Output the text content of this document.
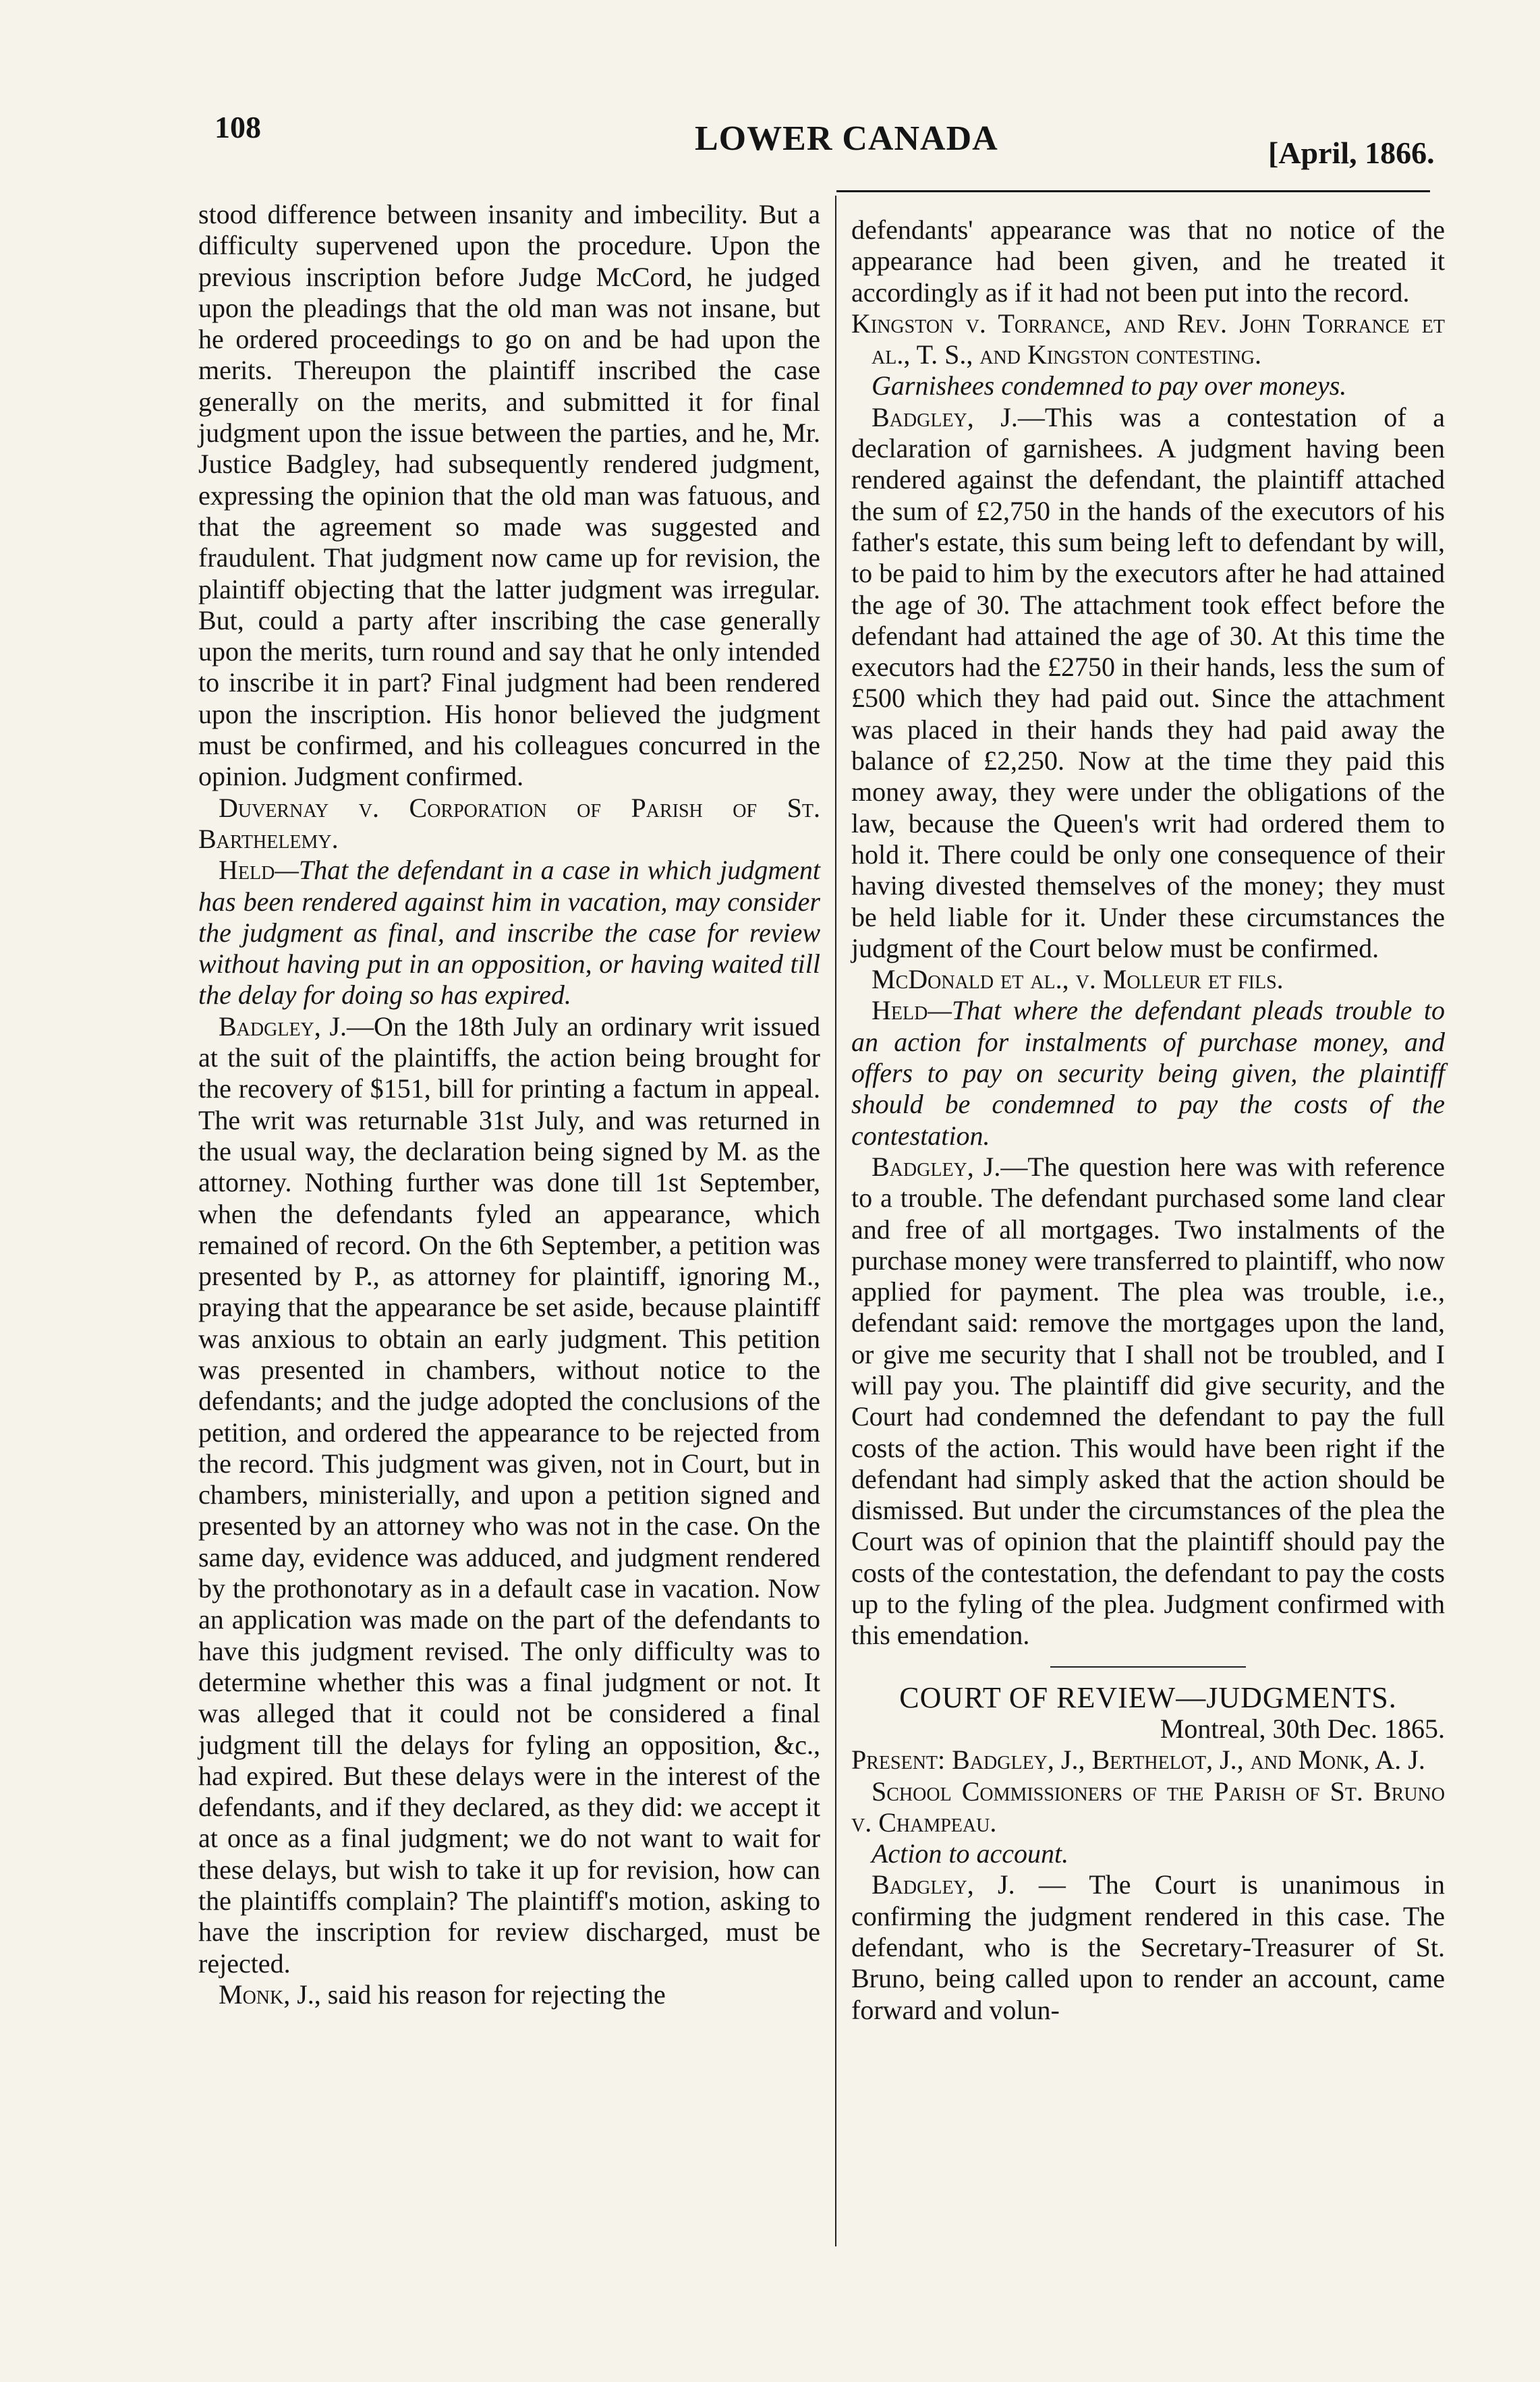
108	LOWER CANADA	[April, 1866.

stood difference between insanity and imbecility. But a difficulty supervened upon the procedure. Upon the previous inscription before Judge McCord, he judged upon the pleadings that the old man was not insane, but he ordered proceedings to go on and be had upon the merits. Thereupon the plaintiff inscribed the case generally on the merits, and submitted it for final judgment upon the issue between the parties, and he, Mr. Justice Badgley, had subsequently rendered judgment, expressing the opinion that the old man was fatuous, and that the agreement so made was suggested and fraudulent. That judgment now came up for revision, the plaintiff objecting that the latter judgment was irregular. But, could a party after inscribing the case generally upon the merits, turn round and say that he only intended to inscribe it in part? Final judgment had been rendered upon the inscription. His honor believed the judgment must be confirmed, and his colleagues concurred in the opinion. Judgment confirmed.

Duvernay v. Corporation of Parish of St. Barthelemy.

Held—That the defendant in a case in which judgment has been rendered against him in vacation, may consider the judgment as final, and inscribe the case for review without having put in an opposition, or having waited till the delay for doing so has expired.

Badgley, J.—On the 18th July an ordinary writ issued at the suit of the plaintiffs, the action being brought for the recovery of $151, bill for printing a factum in appeal. The writ was returnable 31st July, and was returned in the usual way, the declaration being signed by M. as the attorney. Nothing further was done till 1st September, when the defendants fyled an appearance, which remained of record. On the 6th September, a petition was presented by P., as attorney for plaintiff, ignoring M., praying that the appearance be set aside, because plaintiff was anxious to obtain an early judgment. This petition was presented in chambers, without notice to the defendants; and the judge adopted the conclusions of the petition, and ordered the appearance to be rejected from the record. This judgment was given, not in Court, but in chambers, ministerially, and upon a petition signed and presented by an attorney who was not in the case. On the same day, evidence was adduced, and judgment rendered by the prothonotary as in a default case in vacation. Now an application was made on the part of the defendants to have this judgment revised. The only difficulty was to determine whether this was a final judgment or not. It was alleged that it could not be considered a final judgment till the delays for fyling an opposition, &c., had expired. But these delays were in the interest of the defendants, and if they declared, as they did: we accept it at once as a final judgment; we do not want to wait for these delays, but wish to take it up for revision, how can the plaintiffs complain? The plaintiff's motion, asking to have the inscription for review discharged, must be rejected.

Monk, J., said his reason for rejecting the

defendants' appearance was that no notice of the appearance had been given, and he treated it accordingly as if it had not been put into the record.

Kingston v. Torrance, and Rev. John Torrance et al., T. S., and Kingston contesting.

Garnishees condemned to pay over moneys.

Badgley, J.—This was a contestation of a declaration of garnishees. A judgment having been rendered against the defendant, the plaintiff attached the sum of £2,750 in the hands of the executors of his father's estate, this sum being left to defendant by will, to be paid to him by the executors after he had attained the age of 30. The attachment took effect before the defendant had attained the age of 30. At this time the executors had the £2750 in their hands, less the sum of £500 which they had paid out. Since the attachment was placed in their hands they had paid away the balance of £2,250. Now at the time they paid this money away, they were under the obligations of the law, because the Queen's writ had ordered them to hold it. There could be only one consequence of their having divested themselves of the money; they must be held liable for it. Under these circumstances the judgment of the Court below must be confirmed.

McDonald et al., v. Molleur et fils.

Held—That where the defendant pleads trouble to an action for instalments of purchase money, and offers to pay on security being given, the plaintiff should be condemned to pay the costs of the contestation.

Badgley, J.—The question here was with reference to a trouble. The defendant purchased some land clear and free of all mortgages. Two instalments of the purchase money were transferred to plaintiff, who now applied for payment. The plea was trouble, i.e., defendant said: remove the mortgages upon the land, or give me security that I shall not be troubled, and I will pay you. The plaintiff did give security, and the Court had condemned the defendant to pay the full costs of the action. This would have been right if the defendant had simply asked that the action should be dismissed. But under the circumstances of the plea the Court was of opinion that the plaintiff should pay the costs of the contestation, the defendant to pay the costs up to the fyling of the plea. Judgment confirmed with this emendation.

COURT OF REVIEW—JUDGMENTS.

Montreal, 30th Dec. 1865.

Present: Badgley, J., Berthelot, J., and Monk, A. J.

School Commissioners of the Parish of St. Bruno v. Champeau.

Action to account.

Badgley, J. — The Court is unanimous in confirming the judgment rendered in this case. The defendant, who is the Secretary-Treasurer of St. Bruno, being called upon to render an account, came forward and volun-
